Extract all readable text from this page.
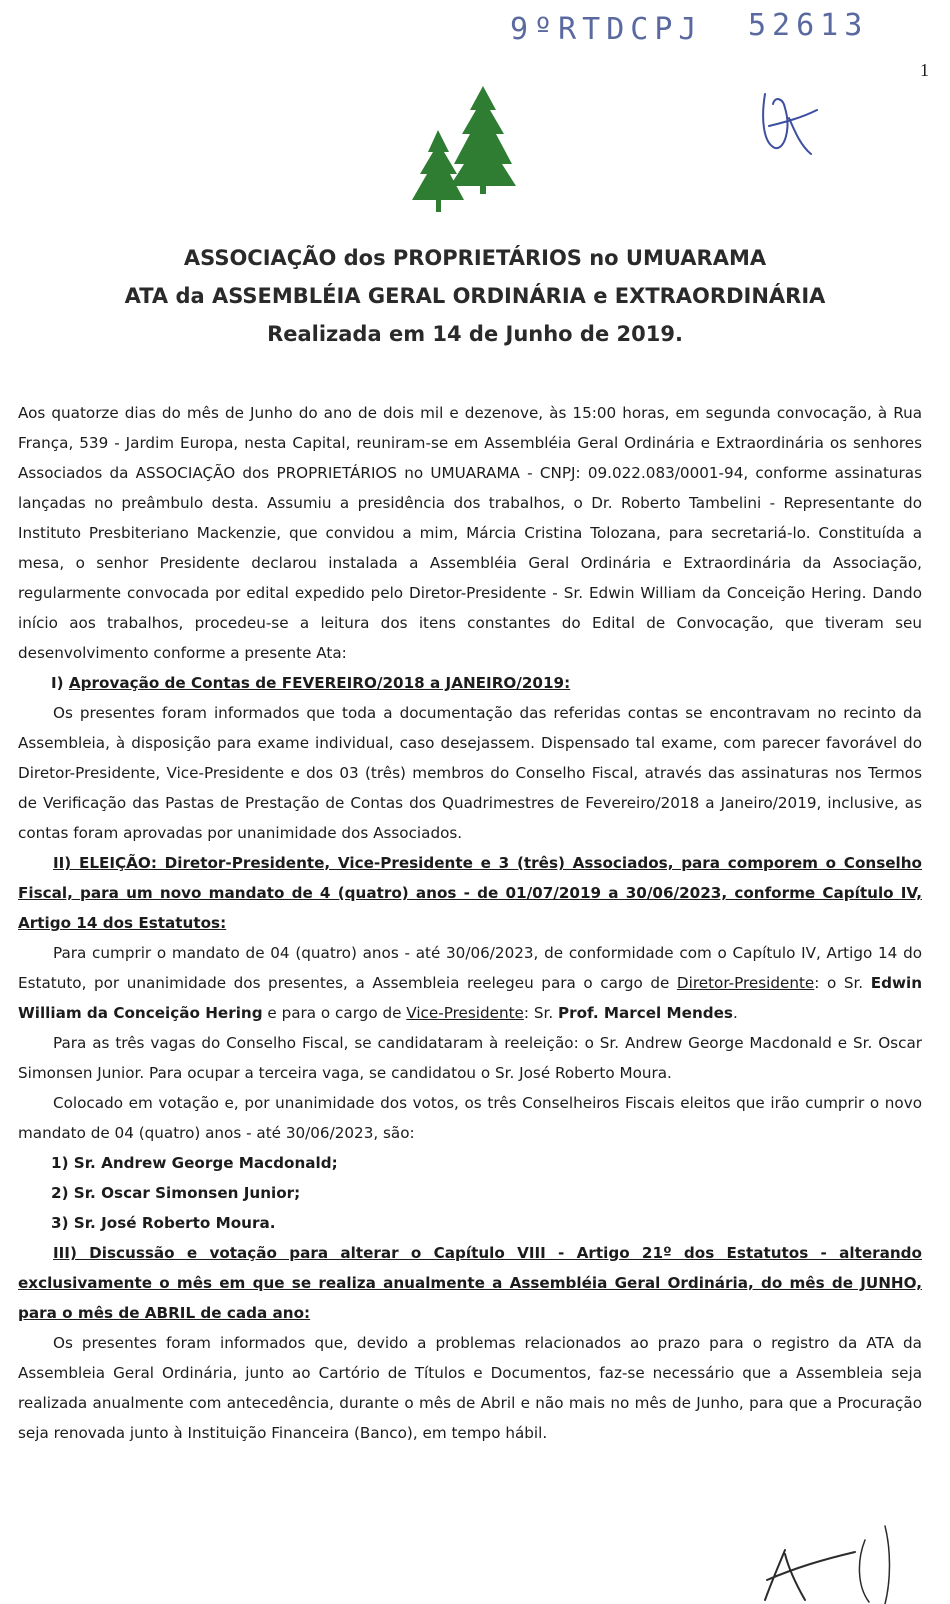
9ºRTDCPJ 52613
1
ASSOCIAÇÃO dos PROPRIETÁRIOS no UMUARAMA
ATA da ASSEMBLÉIA GERAL ORDINÁRIA e EXTRAORDINÁRIA
Realizada em 14 de Junho de 2019.

Aos quatorze dias do mês de Junho do ano de dois mil e dezenove, às 15:00 horas, em segunda convocação, à Rua França, 539 - Jardim Europa, nesta Capital, reuniram-se em Assembléia Geral Ordinária e Extraordinária os senhores Associados da ASSOCIAÇÃO dos PROPRIETÁRIOS no UMUARAMA - CNPJ: 09.022.083/0001-94, conforme assinaturas lançadas no preâmbulo desta. Assumiu a presidência dos trabalhos, o Dr. Roberto Tambelini - Representante do Instituto Presbiteriano Mackenzie, que convidou a mim, Márcia Cristina Tolozana, para secretariá-lo. Constituída a mesa, o senhor Presidente declarou instalada a Assembléia Geral Ordinária e Extraordinária da Associação, regularmente convocada por edital expedido pelo Diretor-Presidente - Sr. Edwin William da Conceição Hering. Dando início aos trabalhos, procedeu-se a leitura dos itens constantes do Edital de Convocação, que tiveram seu desenvolvimento conforme a presente Ata:

I) Aprovação de Contas de FEVEREIRO/2018 a JANEIRO/2019:

Os presentes foram informados que toda a documentação das referidas contas se encontravam no recinto da Assembleia, à disposição para exame individual, caso desejassem. Dispensado tal exame, com parecer favorável do Diretor-Presidente, Vice-Presidente e dos 03 (três) membros do Conselho Fiscal, através das assinaturas nos Termos de Verificação das Pastas de Prestação de Contas dos Quadrimestres de Fevereiro/2018 a Janeiro/2019, inclusive, as contas foram aprovadas por unanimidade dos Associados.

II) ELEIÇÃO: Diretor-Presidente, Vice-Presidente e 3 (três) Associados, para comporem o Conselho Fiscal, para um novo mandato de 4 (quatro) anos - de 01/07/2019 a 30/06/2023, conforme Capítulo IV, Artigo 14 dos Estatutos:

Para cumprir o mandato de 04 (quatro) anos - até 30/06/2023, de conformidade com o Capítulo IV, Artigo 14 do Estatuto, por unanimidade dos presentes, a Assembleia reelegeu para o cargo de Diretor-Presidente: o Sr. Edwin William da Conceição Hering e para o cargo de Vice-Presidente: Sr. Prof. Marcel Mendes.

Para as três vagas do Conselho Fiscal, se candidataram à reeleição: o Sr. Andrew George Macdonald e Sr. Oscar Simonsen Junior. Para ocupar a terceira vaga, se candidatou o Sr. José Roberto Moura.

Colocado em votação e, por unanimidade dos votos, os três Conselheiros Fiscais eleitos que irão cumprir o novo mandato de 04 (quatro) anos - até 30/06/2023, são:

1) Sr. Andrew George Macdonald;

2) Sr. Oscar Simonsen Junior;

3) Sr. José Roberto Moura.

III) Discussão e votação para alterar o Capítulo VIII - Artigo 21º dos Estatutos - alterando exclusivamente o mês em que se realiza anualmente a Assembléia Geral Ordinária, do mês de JUNHO, para o mês de ABRIL de cada ano:

Os presentes foram informados que, devido a problemas relacionados ao prazo para o registro da ATA da Assembleia Geral Ordinária, junto ao Cartório de Títulos e Documentos, faz-se necessário que a Assembleia seja realizada anualmente com antecedência, durante o mês de Abril e não mais no mês de Junho, para que a Procuração seja renovada junto à Instituição Financeira (Banco), em tempo hábil.
